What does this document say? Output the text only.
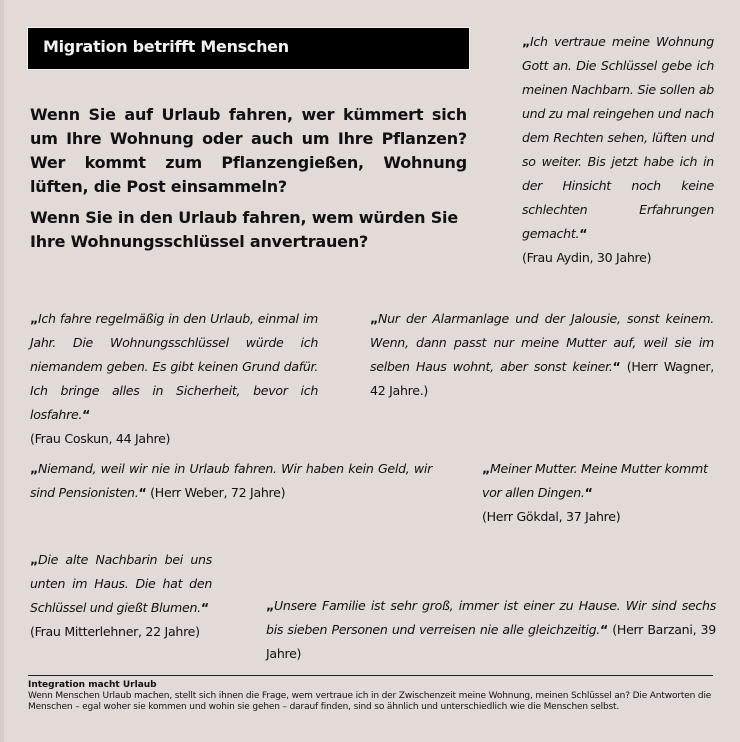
Migration betrifft Menschen
Wenn Sie auf Urlaub fahren, wer kümmert sich um Ihre Wohnung oder auch um Ihre Pflanzen? Wer kommt zum Pflanzengießen, Wohnung lüften, die Post einsammeln?
Wenn Sie in den Urlaub fahren, wem würden Sie Ihre Wohnungsschlüssel anvertrauen?
„Ich vertraue meine Wohnung Gott an. Die Schlüssel gebe ich meinen Nachbarn. Sie sollen ab und zu mal reingehen und nach dem Rechten sehen, lüften und so weiter. Bis jetzt habe ich in der Hinsicht noch keine schlechten Erfahrungen gemacht.“
(Frau Aydin, 30 Jahre)
„Ich fahre regelmäßig in den Urlaub, einmal im Jahr. Die Wohnungsschlüssel würde ich niemandem geben. Es gibt keinen Grund dafür. Ich bringe alles in Sicherheit, bevor ich losfahre.“
(Frau Coskun, 44 Jahre)
„Nur der Alarmanlage und der Jalousie, sonst keinem. Wenn, dann passt nur meine Mutter auf, weil sie im selben Haus wohnt, aber sonst keiner.“ (Herr Wagner, 42 Jahre.)
„Niemand, weil wir nie in Urlaub fahren. Wir haben kein Geld, wir sind Pensionisten.“ (Herr Weber, 72 Jahre)
„Meiner Mutter. Meine Mutter kommt vor allen Dingen.“
(Herr Gökdal, 37 Jahre)
„Die alte Nachbarin bei uns unten im Haus. Die hat den Schlüssel und gießt Blumen.“
(Frau Mitterlehner, 22 Jahre)
„Unsere Familie ist sehr groß, immer ist einer zu Hause. Wir sind sechs bis sieben Personen und verreisen nie alle gleichzeitig.“ (Herr Barzani, 39 Jahre)
Integration macht Urlaub
Wenn Menschen Urlaub machen, stellt sich ihnen die Frage, wem vertraue ich in der Zwischenzeit meine Wohnung, meinen Schlüssel an? Die Antworten die Menschen – egal woher sie kommen und wohin sie gehen – darauf finden, sind so ähnlich und unterschiedlich wie die Menschen selbst.
